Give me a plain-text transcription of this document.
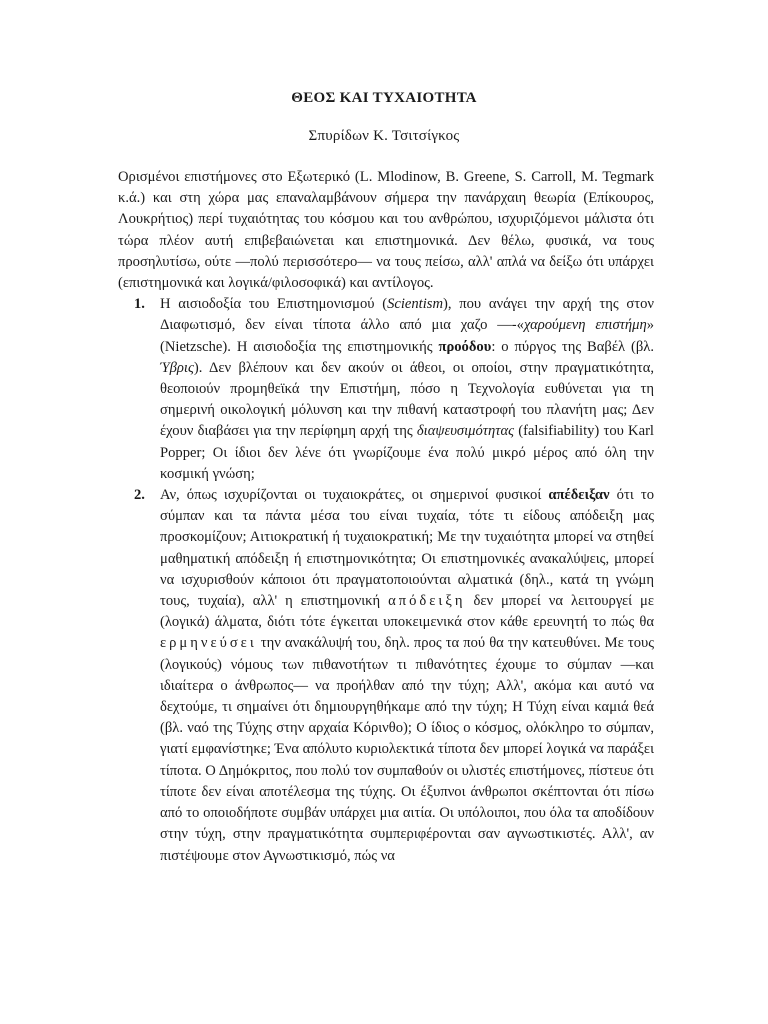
ΘΕΟΣ ΚΑΙ ΤΥΧΑΙΟΤΗΤΑ
Σπυρίδων Κ. Τσιτσίγκος

Ορισμένοι επιστήμονες στο Εξωτερικό (L. Mlodinow, B. Greene, S. Carroll, M. Tegmark κ.ά.) και στη χώρα μας επαναλαμβάνουν σήμερα την πανάρχαιη θεωρία (Επίκουρος, Λουκρήτιος) περί τυχαιότητας του κόσμου και του ανθρώπου, ισχυριζόμενοι μάλιστα ότι τώρα πλέον αυτή επιβεβαιώνεται και επιστημονικά. Δεν θέλω, φυσικά, να τους προσηλυτίσω, ούτε —πολύ περισσότερο— να τους πείσω, αλλ' απλά να δείξω ότι υπάρχει (επιστημονικά και λογικά/φιλοσοφικά) και αντίλογος.

1. Η αισιοδοξία του Επιστημονισμού (Scientism), που ανάγει την αρχή της στον Διαφωτισμό, δεν είναι τίποτα άλλο από μια χαζο —-«χαρούμενη επιστήμη» (Nietzsche). Η αισιοδοξία της επιστημονικής προόδου: ο πύργος της Βαβέλ (βλ. Ύβρις). Δεν βλέπουν και δεν ακούν οι άθεοι, οι οποίοι, στην πραγματικότητα, θεοποιούν προμηθεϊκά την Επιστήμη, πόσο η Τεχνολογία ευθύνεται για τη σημερινή οικολογική μόλυνση και την πιθανή καταστροφή του πλανήτη μας; Δεν έχουν διαβάσει για την περίφημη αρχή της διαψευσιμότητας (falsifiability) του Karl Popper; Οι ίδιοι δεν λένε ότι γνωρίζουμε ένα πολύ μικρό μέρος από όλη την κοσμική γνώση;
2. Αν, όπως ισχυρίζονται οι τυχαιοκράτες, οι σημερινοί φυσικοί απέδειξαν ότι το σύμπαν και τα πάντα μέσα του είναι τυχαία, τότε τι είδους απόδειξη μας προσκομίζουν; Αιτιοκρατική ή τυχαιοκρατική; Με την τυχαιότητα μπορεί να στηθεί μαθηματική απόδειξη ή επιστημονικότητα; Οι επιστημονικές ανακαλύψεις, μπορεί να ισχυρισθούν κάποιοι ότι πραγματοποιούνται αλματικά (δηλ., κατά τη γνώμη τους, τυχαία), αλλ' η επιστημονική απόδειξη δεν μπορεί να λειτουργεί με (λογικά) άλματα, διότι τότε έγκειται υποκειμενικά στον κάθε ερευνητή το πώς θα ερμηνεύσει την ανακάλυψή του, δηλ. προς τα πού θα την κατευθύνει. Με τους (λογικούς) νόμους των πιθανοτήτων τι πιθανότητες έχουμε το σύμπαν —και ιδιαίτερα ο άνθρωπος— να προήλθαν από την τύχη; Αλλ', ακόμα και αυτό να δεχτούμε, τι σημαίνει ότι δημιουργηθήκαμε από την τύχη; Η Τύχη είναι καμιά θεά (βλ. ναό της Τύχης στην αρχαία Κόρινθο); Ο ίδιος ο κόσμος, ολόκληρο το σύμπαν, γιατί εμφανίστηκε; Ένα απόλυτο κυριολεκτικά τίποτα δεν μπορεί λογικά να παράξει τίποτα. Ο Δημόκριτος, που πολύ τον συμπαθούν οι υλιστές επιστήμονες, πίστευε ότι τίποτε δεν είναι αποτέλεσμα της τύχης. Οι έξυπνοι άνθρωποι σκέπτονται ότι πίσω από το οποιοδήποτε συμβάν υπάρχει μια αιτία. Οι υπόλοιποι, που όλα τα αποδίδουν στην τύχη, στην πραγματικότητα συμπεριφέρονται σαν αγνωστικιστές. Αλλ', αν πιστέψουμε στον Αγνωστικισμό, πώς να
